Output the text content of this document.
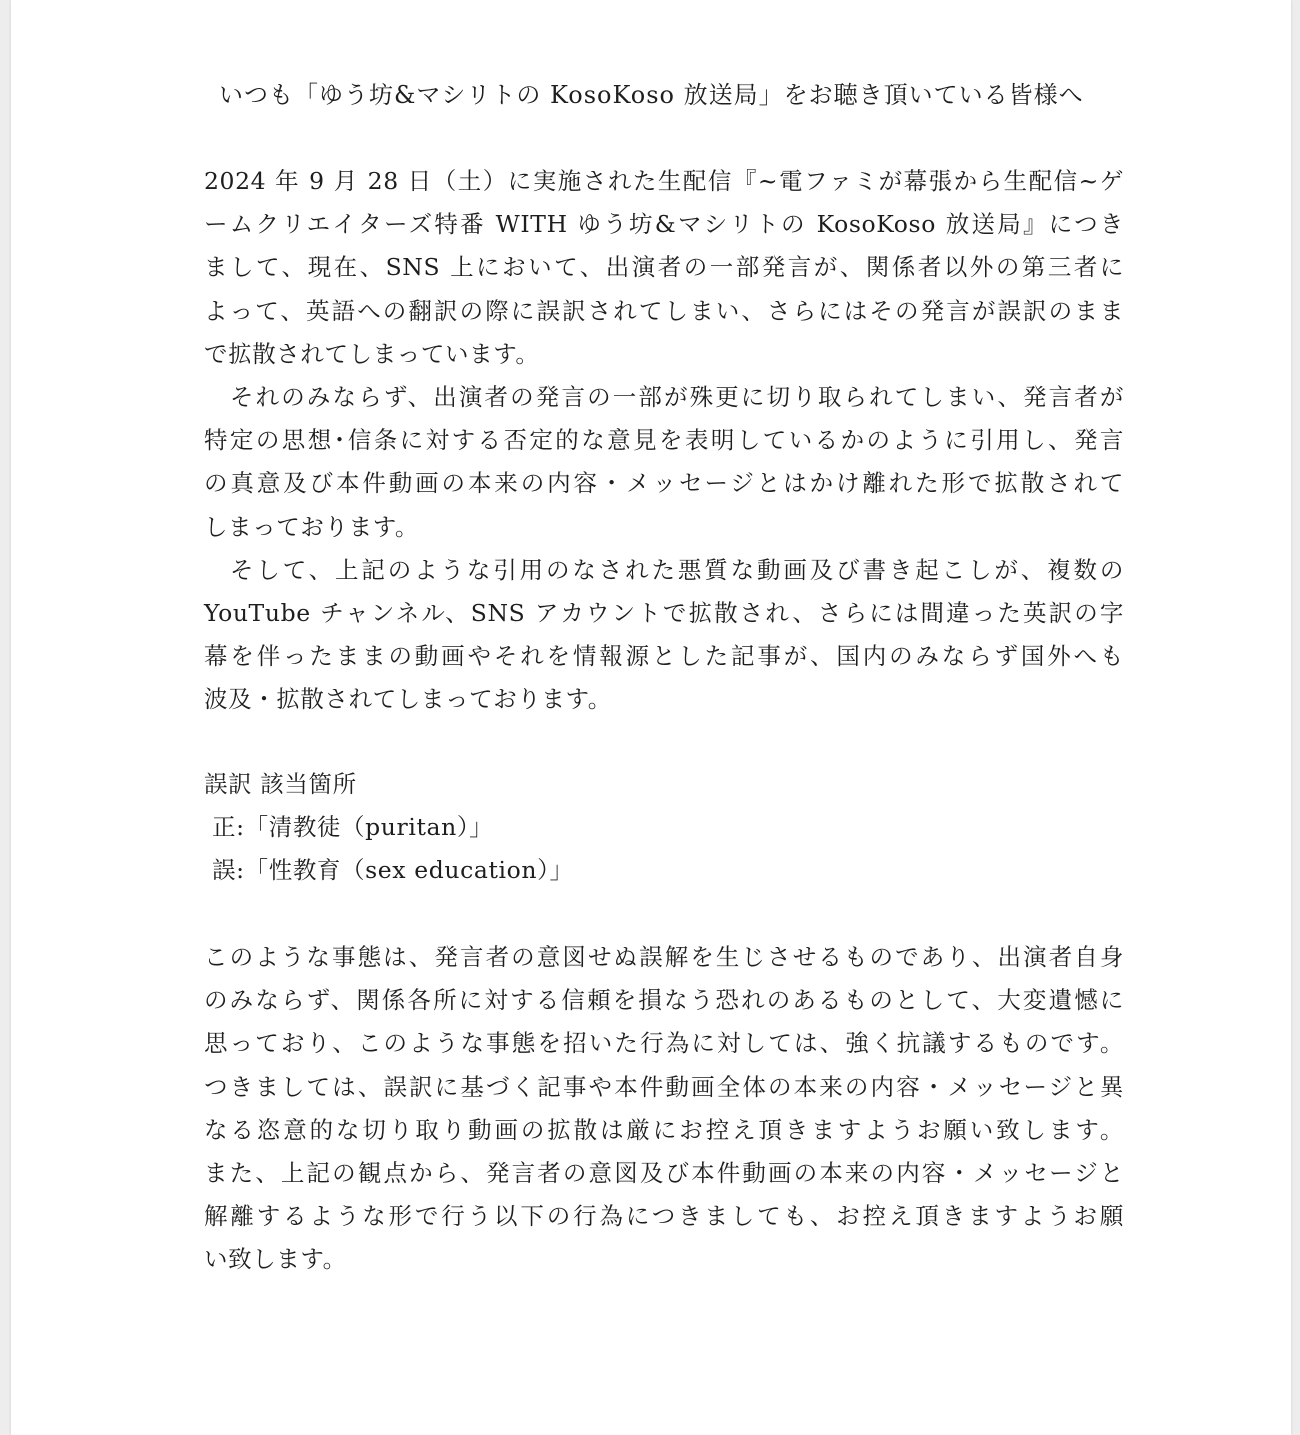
いつも「ゆう坊&マシリトの KosoKoso 放送局」をお聴き頂いている皆様へ
2024 年 9 月 28 日（土）に実施された生配信『~電ファミが幕張から生配信~ゲ
ームクリエイターズ特番 WITH ゆう坊&マシリトの KosoKoso 放送局』につき
まして、現在、SNS 上において、出演者の一部発言が、関係者以外の第三者に
よって、英語への翻訳の際に誤訳されてしまい、さらにはその発言が誤訳のまま
で拡散されてしまっています。
それのみならず、出演者の発言の一部が殊更に切り取られてしまい、発言者が
特定の思想･信条に対する否定的な意見を表明しているかのように引用し、発言
の真意及び本件動画の本来の内容・メッセージとはかけ離れた形で拡散されて
しまっております。
そして、上記のような引用のなされた悪質な動画及び書き起こしが、複数の
YouTube チャンネル、SNS アカウントで拡散され、さらには間違った英訳の字
幕を伴ったままの動画やそれを情報源とした記事が、国内のみならず国外へも
波及・拡散されてしまっております。
誤訳 該当箇所
正:「清教徒（puritan）」
誤:「性教育（sex education）」
このような事態は、発言者の意図せぬ誤解を生じさせるものであり、出演者自身
のみならず、関係各所に対する信頼を損なう恐れのあるものとして、大変遺憾に
思っており、このような事態を招いた行為に対しては、強く抗議するものです。
つきましては、誤訳に基づく記事や本件動画全体の本来の内容・メッセージと異
なる恣意的な切り取り動画の拡散は厳にお控え頂きますようお願い致します。
また、上記の観点から、発言者の意図及び本件動画の本来の内容・メッセージと
解離するような形で行う以下の行為につきましても、お控え頂きますようお願
い致します。
